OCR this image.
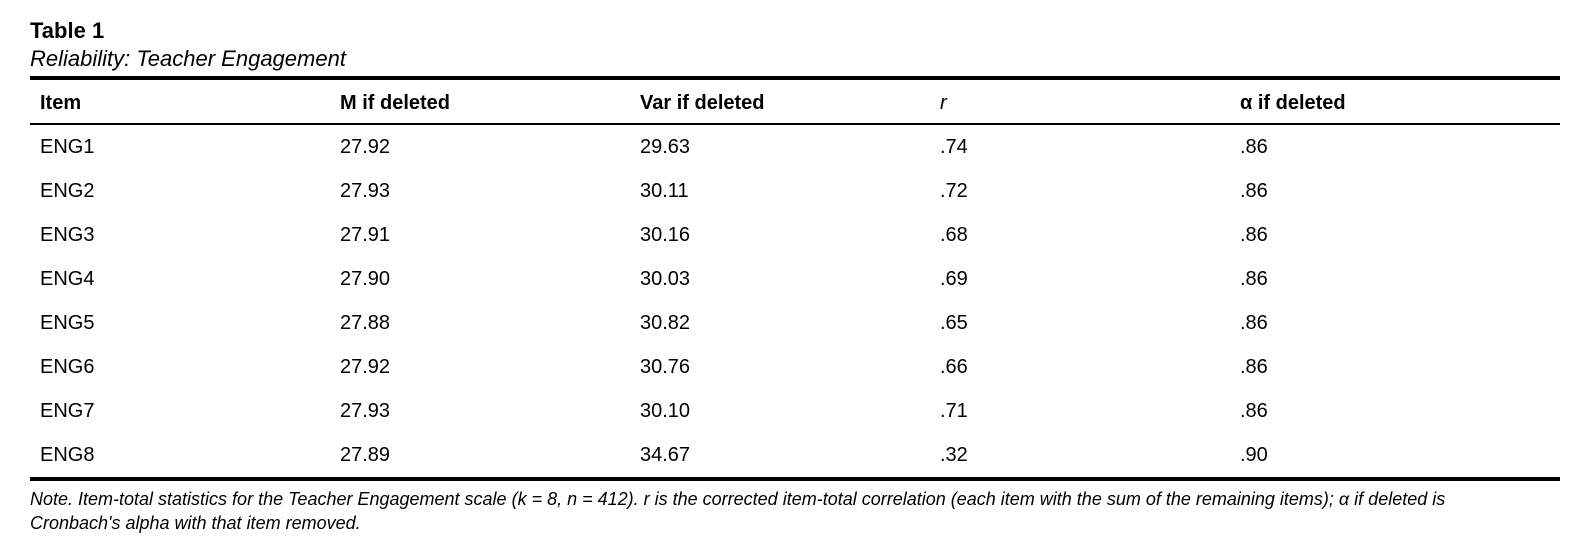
Table 1

Reliability: Teacher Engagement

Item	M if deleted	Var if deleted	r	α if deleted
ENG1	27.92	29.63	.74	.86
ENG2	27.93	30.11	.72	.86
ENG3	27.91	30.16	.68	.86
ENG4	27.90	30.03	.69	.86
ENG5	27.88	30.82	.65	.86
ENG6	27.92	30.76	.66	.86
ENG7	27.93	30.10	.71	.86
ENG8	27.89	34.67	.32	.90

Note. Item-total statistics for the Teacher Engagement scale (k = 8, n = 412). r is the corrected item-total correlation (each item with the sum of the remaining items); α if deleted is Cronbach's alpha with that item removed.
